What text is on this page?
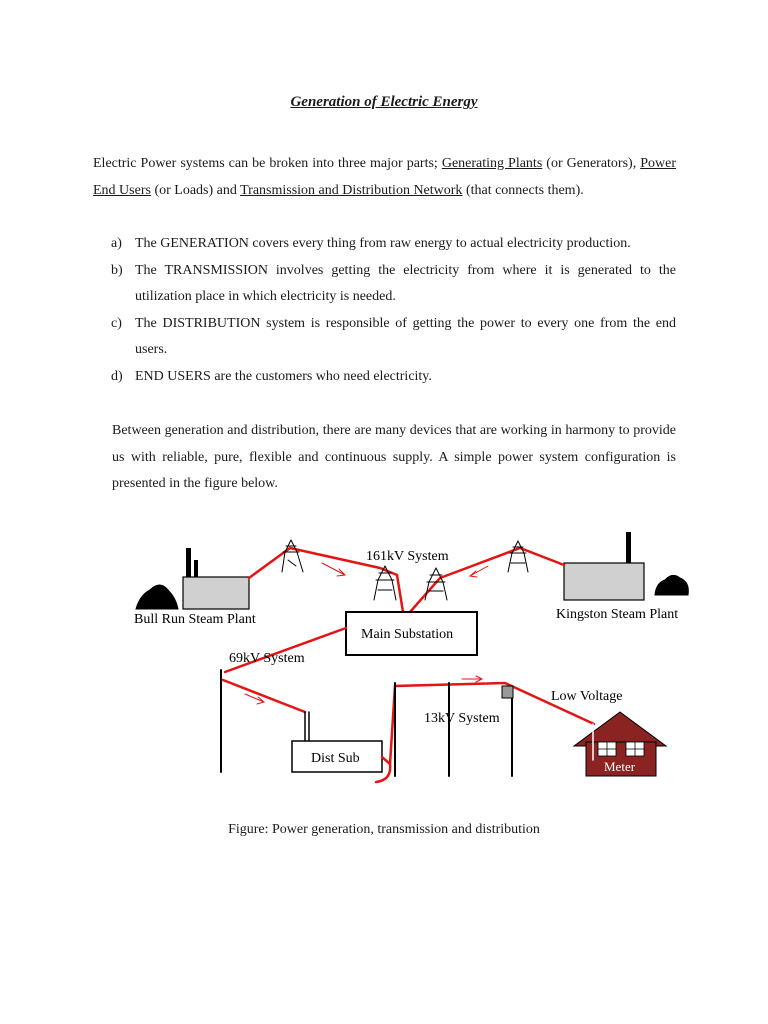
Generation of Electric Energy
Electric Power systems can be broken into three major parts; Generating Plants (or Generators), Power End Users (or Loads) and Transmission and Distribution Network (that connects them).
a) The GENERATION covers every thing from raw energy to actual electricity production.
b) The TRANSMISSION involves getting the electricity from where it is generated to the utilization place in which electricity is needed.
c) The DISTRIBUTION system is responsible of getting the power to every one from the end users.
d) END USERS are the customers who need electricity.
Between generation and distribution, there are many devices that are working in harmony to provide us with reliable, pure, flexible and continuous supply. A simple power system configuration is presented in the figure below.
Bull Run Steam Plant	Kingston Steam Plant
161kV System
Main Substation
69kV System
Dist Sub
13kV System
Low Voltage
Meter
Figure: Power generation, transmission and distribution
